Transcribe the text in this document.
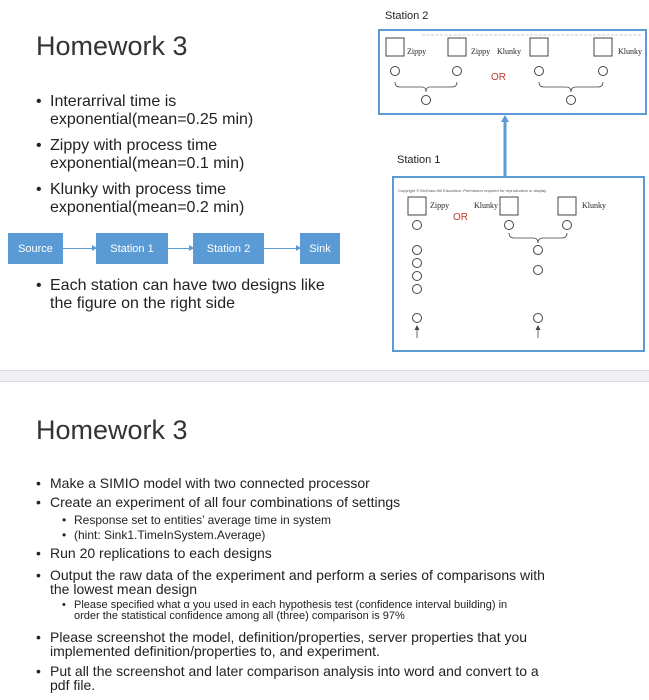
Homework 3
• Interarrival time is
exponential(mean=0.25 min)
• Zippy with process time
exponential(mean=0.1 min)
• Klunky with process time
exponential(mean=0.2 min)
Source	Station 1	Station 2	Sink
• Each station can have two designs like
the figure on the right side
Station 2
Station 1
Zippy	Zippy Klunky	Klunky
OR
Copyright © McGraw-Hill Education. Permission required for reproduction or display.
Zippy	Klunky	Klunky
OR
Homework 3
• Make a SIMIO model with two connected processor
• Create an experiment of all four combinations of settings
• Response set to entities’ average time in system
• (hint: Sink1.TimeInSystem.Average)
• Run 20 replications to each designs
• Output the raw data of the experiment and perform a series of comparisons with
the lowest mean design
• Please specified what α you used in each hypothesis test (confidence interval building) in
order the statistical confidence among all (three) comparison is 97%
• Please screenshot the model, definition/properties, server properties that you
implemented definition/properties to, and experiment.
• Put all the screenshot and later comparison analysis into word and convert to a
pdf file.
